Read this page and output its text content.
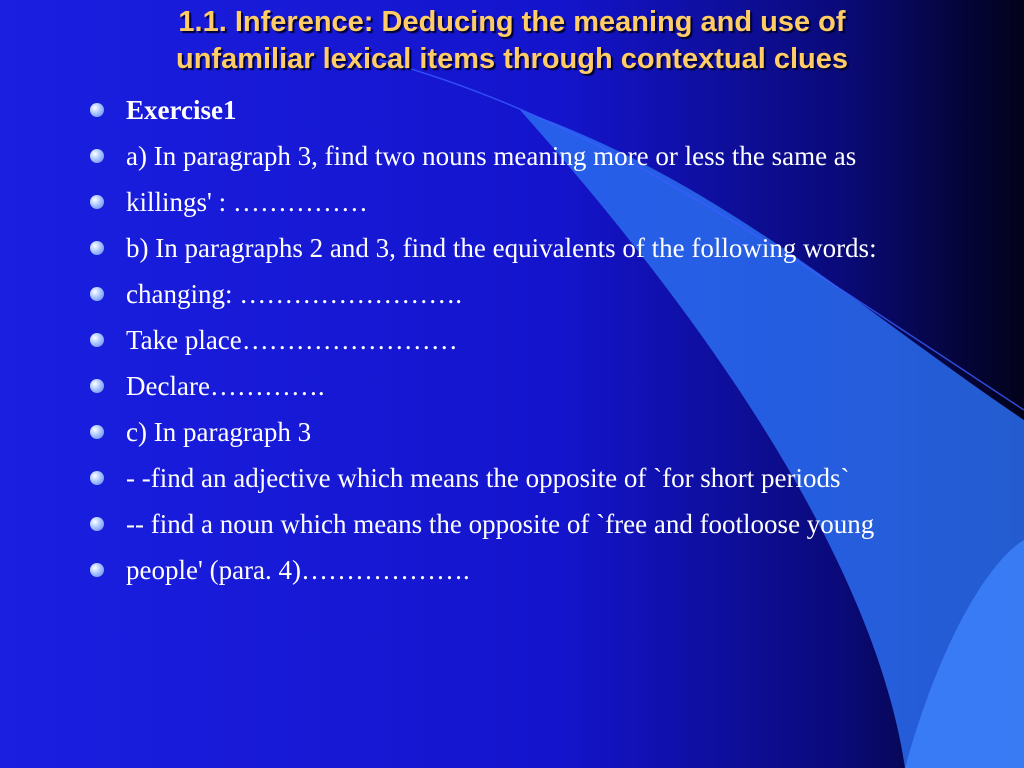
1.1. Inference: Deducing the meaning and use of
unfamiliar lexical items through contextual clues
Exercise1
a) In paragraph 3, find two nouns meaning more or less the same as
killings' : ……………
b) In paragraphs 2 and 3, find the equivalents of the following words:
changing: …………………….
Take place……………………
Declare………….
c) In paragraph 3
- -find an adjective which means the opposite of `for short periods`
-- find a noun which means the opposite of `free and footloose young
people' (para. 4)……………….
